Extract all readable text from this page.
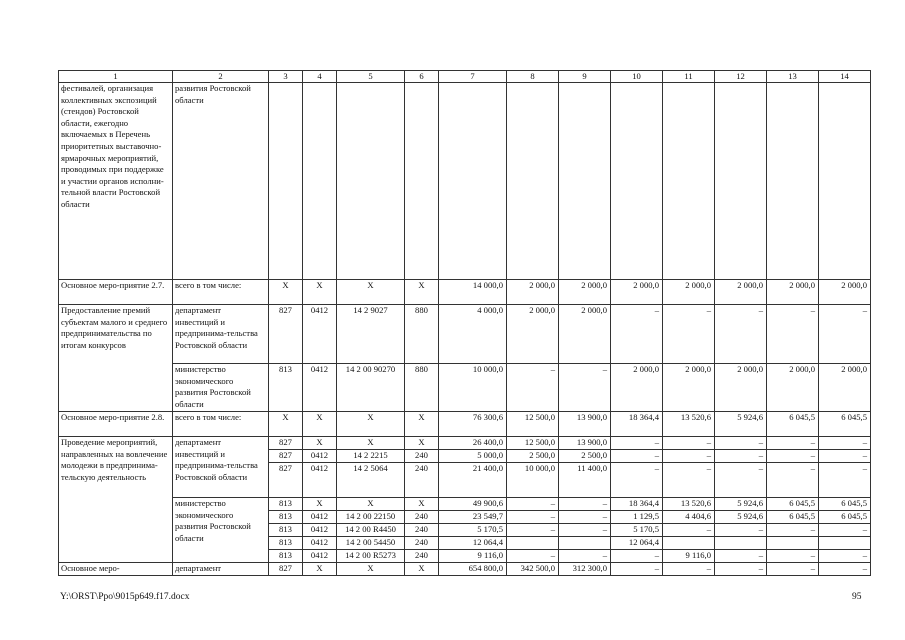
1	2	3	4	5	6	7	8	9	10	11	12	13	14
фестивалей, организация коллективных экспозиций (стендов) Ростовской области, ежегодно включаемых в Перечень приоритетных выставочно-ярмарочных мероприятий, проводимых при поддержке и участии органов исполни-тельной власти Ростовской области	развития Ростовской области												
Основное меро-приятие 2.7.	всего в том числе:	X	X	X	X	14 000,0	2 000,0	2 000,0	2 000,0	2 000,0	2 000,0	2 000,0	2 000,0
Предоставление премий субъектам малого и среднего предпринимательства по итогам конкурсов	департамент инвестиций и предпринима-тельства Ростовской области	827	0412	14 2 9027	880	4 000,0	2 000,0	2 000,0	–	–	–	–	–
	министерство экономического развития Ростовской области	813	0412	14 2 00 90270	880	10 000,0	–	–	2 000,0	2 000,0	2 000,0	2 000,0	2 000,0
Основное меро-приятие 2.8.	всего в том числе:	X	X	X	X	76 300,6	12 500,0	13 900,0	18 364,4	13 520,6	5 924,6	6 045,5	6 045,5
Проведение мероприятий, направленных на вовлечение молодежи в предпринима-тельскую деятельность	департамент инвестиций и предпринима-тельства Ростовской области	827	X	X	X	26 400,0	12 500,0	13 900,0	–	–	–	–	–
		827	0412	14 2 2215	240	5 000,0	2 500,0	2 500,0	–	–	–	–	–
		827	0412	14 2 5064	240	21 400,0	10 000,0	11 400,0	–	–	–	–	–
	министерство экономического развития Ростовской области	813	X	X	X	49 900,6	–	–	18 364,4	13 520,6	5 924,6	6 045,5	6 045,5
		813	0412	14 2 00 22150	240	23 549,7	–	–	1 129,5	4 404,6	5 924,6	6 045,5	6 045,5
		813	0412	14 2 00 R4450	240	5 170,5	–	–	5 170,5	–	–	–	–
		813	0412	14 2 00 54450	240	12 064,4			12 064,4				
		813	0412	14 2 00 R5273	240	9 116,0	–	–	–	9 116,0	–	–	–
Основное меро-	департамент	827	X	X	X	654 800,0	342 500,0	312 300,0	–	–	–	–	–
Y:\ORST\Ppo\9015p649.f17.docx	95
